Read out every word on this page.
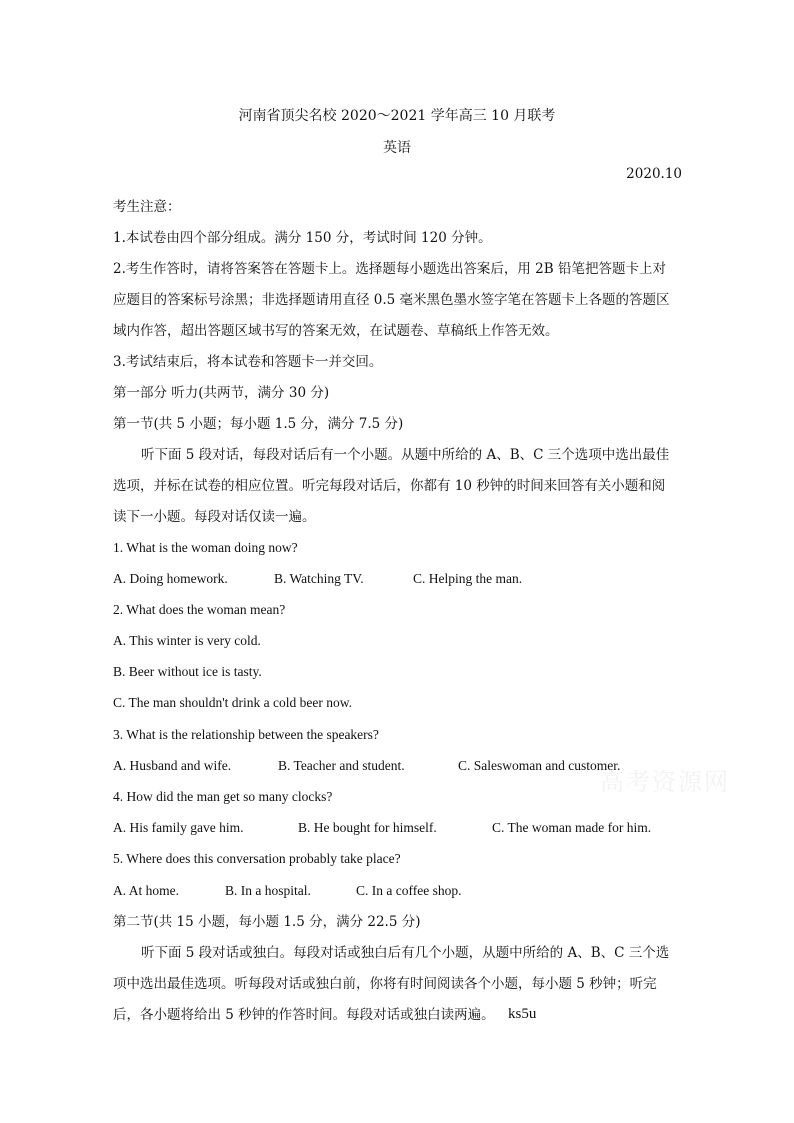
河南省顶尖名校 2020～2021 学年高三 10 月联考
英语
2020.10
考生注意：
1.本试卷由四个部分组成。满分 150 分，考试时间 120 分钟。
2.考生作答时，请将答案答在答题卡上。选择题每小题选出答案后，用 2B 铅笔把答题卡上对
应题目的答案标号涂黑；非选择题请用直径 0.5 毫米黑色墨水签字笔在答题卡上各题的答题区
域内作答，超出答题区域书写的答案无效，在试题卷、草稿纸上作答无效。
3.考试结束后，将本试卷和答题卡一并交回。
第一部分 听力(共两节，满分 30 分)
第一节(共 5 小题；每小题 1.5 分，满分 7.5 分)
听下面 5 段对话，每段对话后有一个小题。从题中所给的 A、B、C 三个选项中选出最佳
选项，并标在试卷的相应位置。听完每段对话后，你都有 10 秒钟的时间来回答有关小题和阅
读下一小题。每段对话仅读一遍。
1. What is the woman doing now?
A. Doing homework.	B. Watching TV.	C. Helping the man.
2. What does the woman mean?
A. This winter is very cold.
B. Beer without ice is tasty.
C. The man shouldn't drink a cold beer now.
3. What is the relationship between the speakers?
A. Husband and wife.	B. Teacher and student.	C. Saleswoman and customer.
4. How did the man get so many clocks?
A. His family gave him.	B. He bought for himself.	C. The woman made for him.
5. Where does this conversation probably take place?
A. At home.	B. In a hospital.	C. In a coffee shop.
第二节(共 15 小题，每小题 1.5 分，满分 22.5 分)
听下面 5 段对话或独白。每段对话或独白后有几个小题，从题中所给的 A、B、C 三个选
项中选出最佳选项。听每段对话或独白前，你将有时间阅读各个小题，每小题 5 秒钟；听完
后，各小题将给出 5 秒钟的作答时间。每段对话或独白读两遍。
高考资源网
ks5u
